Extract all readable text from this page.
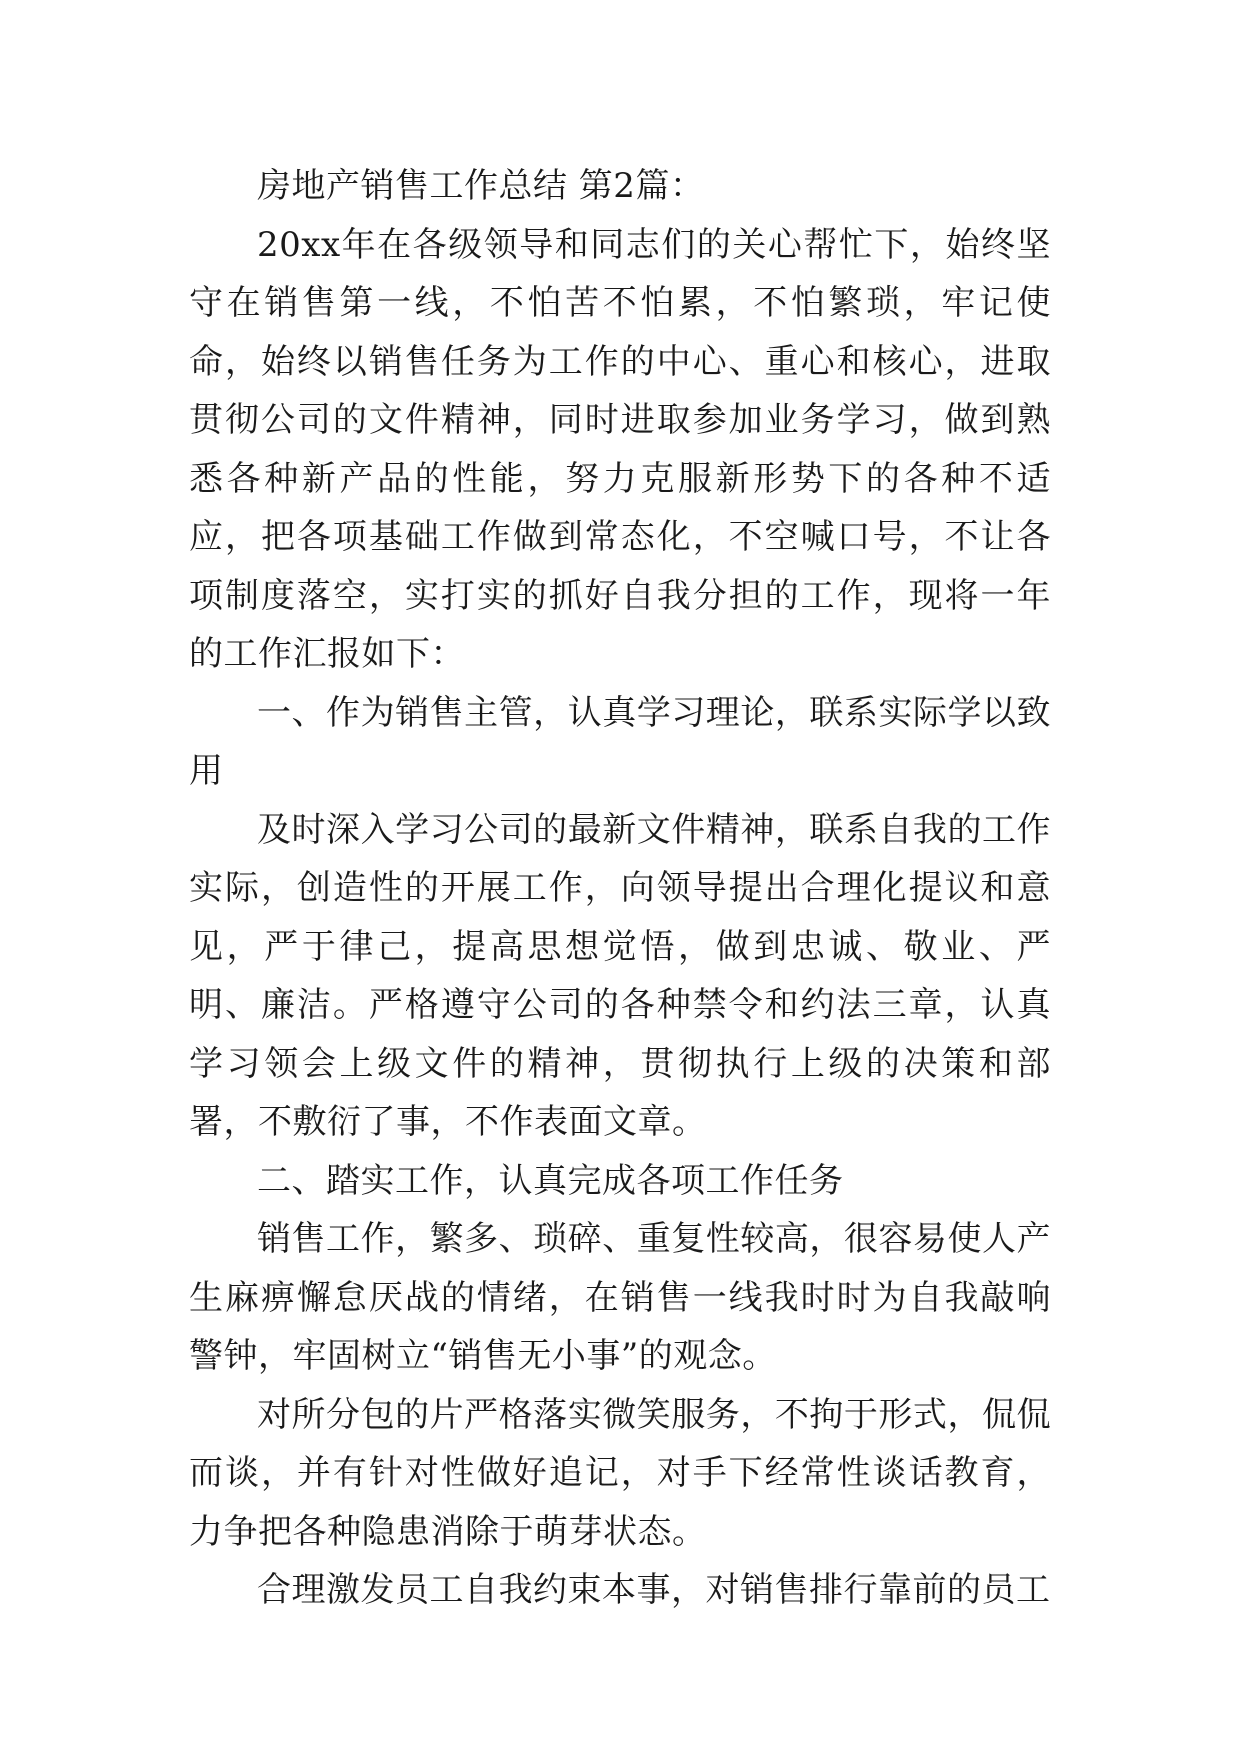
房地产销售工作总结 第2篇：

20xx年在各级领导和同志们的关心帮忙下，始终坚守在销售第一线，不怕苦不怕累，不怕繁琐，牢记使命，始终以销售任务为工作的中心、重心和核心，进取贯彻公司的文件精神，同时进取参加业务学习，做到熟悉各种新产品的性能，努力克服新形势下的各种不适应，把各项基础工作做到常态化，不空喊口号，不让各项制度落空，实打实的抓好自我分担的工作，现将一年的工作汇报如下：

一、作为销售主管，认真学习理论，联系实际学以致用

及时深入学习公司的最新文件精神，联系自我的工作实际，创造性的开展工作，向领导提出合理化提议和意见，严于律己，提高思想觉悟，做到忠诚、敬业、严明、廉洁。严格遵守公司的各种禁令和约法三章，认真学习领会上级文件的精神，贯彻执行上级的决策和部署，不敷衍了事，不作表面文章。

二、踏实工作，认真完成各项工作任务

销售工作，繁多、琐碎、重复性较高，很容易使人产生麻痹懈怠厌战的情绪，在销售一线我时时为自我敲响警钟，牢固树立“销售无小事”的观念。

对所分包的片严格落实微笑服务，不拘于形式，侃侃而谈，并有针对性做好追记，对手下经常性谈话教育，力争把各种隐患消除于萌芽状态。

合理激发员工自我约束本事，对销售排行靠前的员工
